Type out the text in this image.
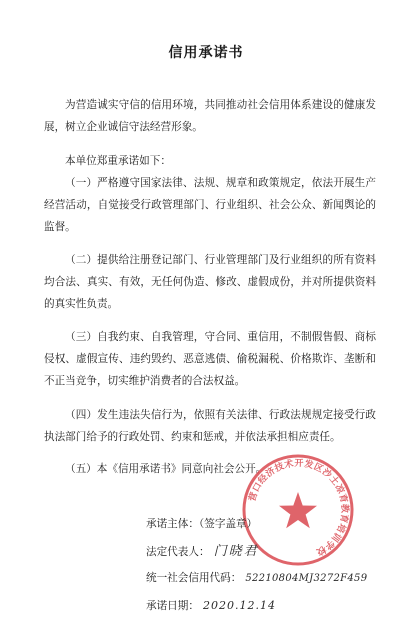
信用承诺书
为营造诚实守信的信用环境，共同推动社会信用体系建设的健康发展，树立企业诚信守法经营形象。
本单位郑重承诺如下：
（一）严格遵守国家法律、法规、规章和政策规定，依法开展生产经营活动，自觉接受行政管理部门、行业组织、社会公众、新闻舆论的监督。
（二）提供给注册登记部门、行业管理部门及行业组织的所有资料均合法、真实、有效，无任何伪造、修改、虚假成份，并对所提供资料的真实性负责。
（三）自我约束、自我管理，守合同、重信用，不制假售假、商标侵权、虚假宣传、违约毁约、恶意逃债、偷税漏税、价格欺诈、垄断和不正当竞争，切实维护消费者的合法权益。
（四）发生违法失信行为，依照有关法律、行政法规规定接受行政执法部门给予的行政处罚、约束和惩戒，并依法承担相应责任。
（五）本《信用承诺书》同意向社会公开。
营口经济技术开发区沙土凉育教育培训学校
承诺主体：（签字盖章）
法定代表人： 门晓君
统一社会信用代码： 52210804MJ3272F459
承诺日期： 2020.12.14
